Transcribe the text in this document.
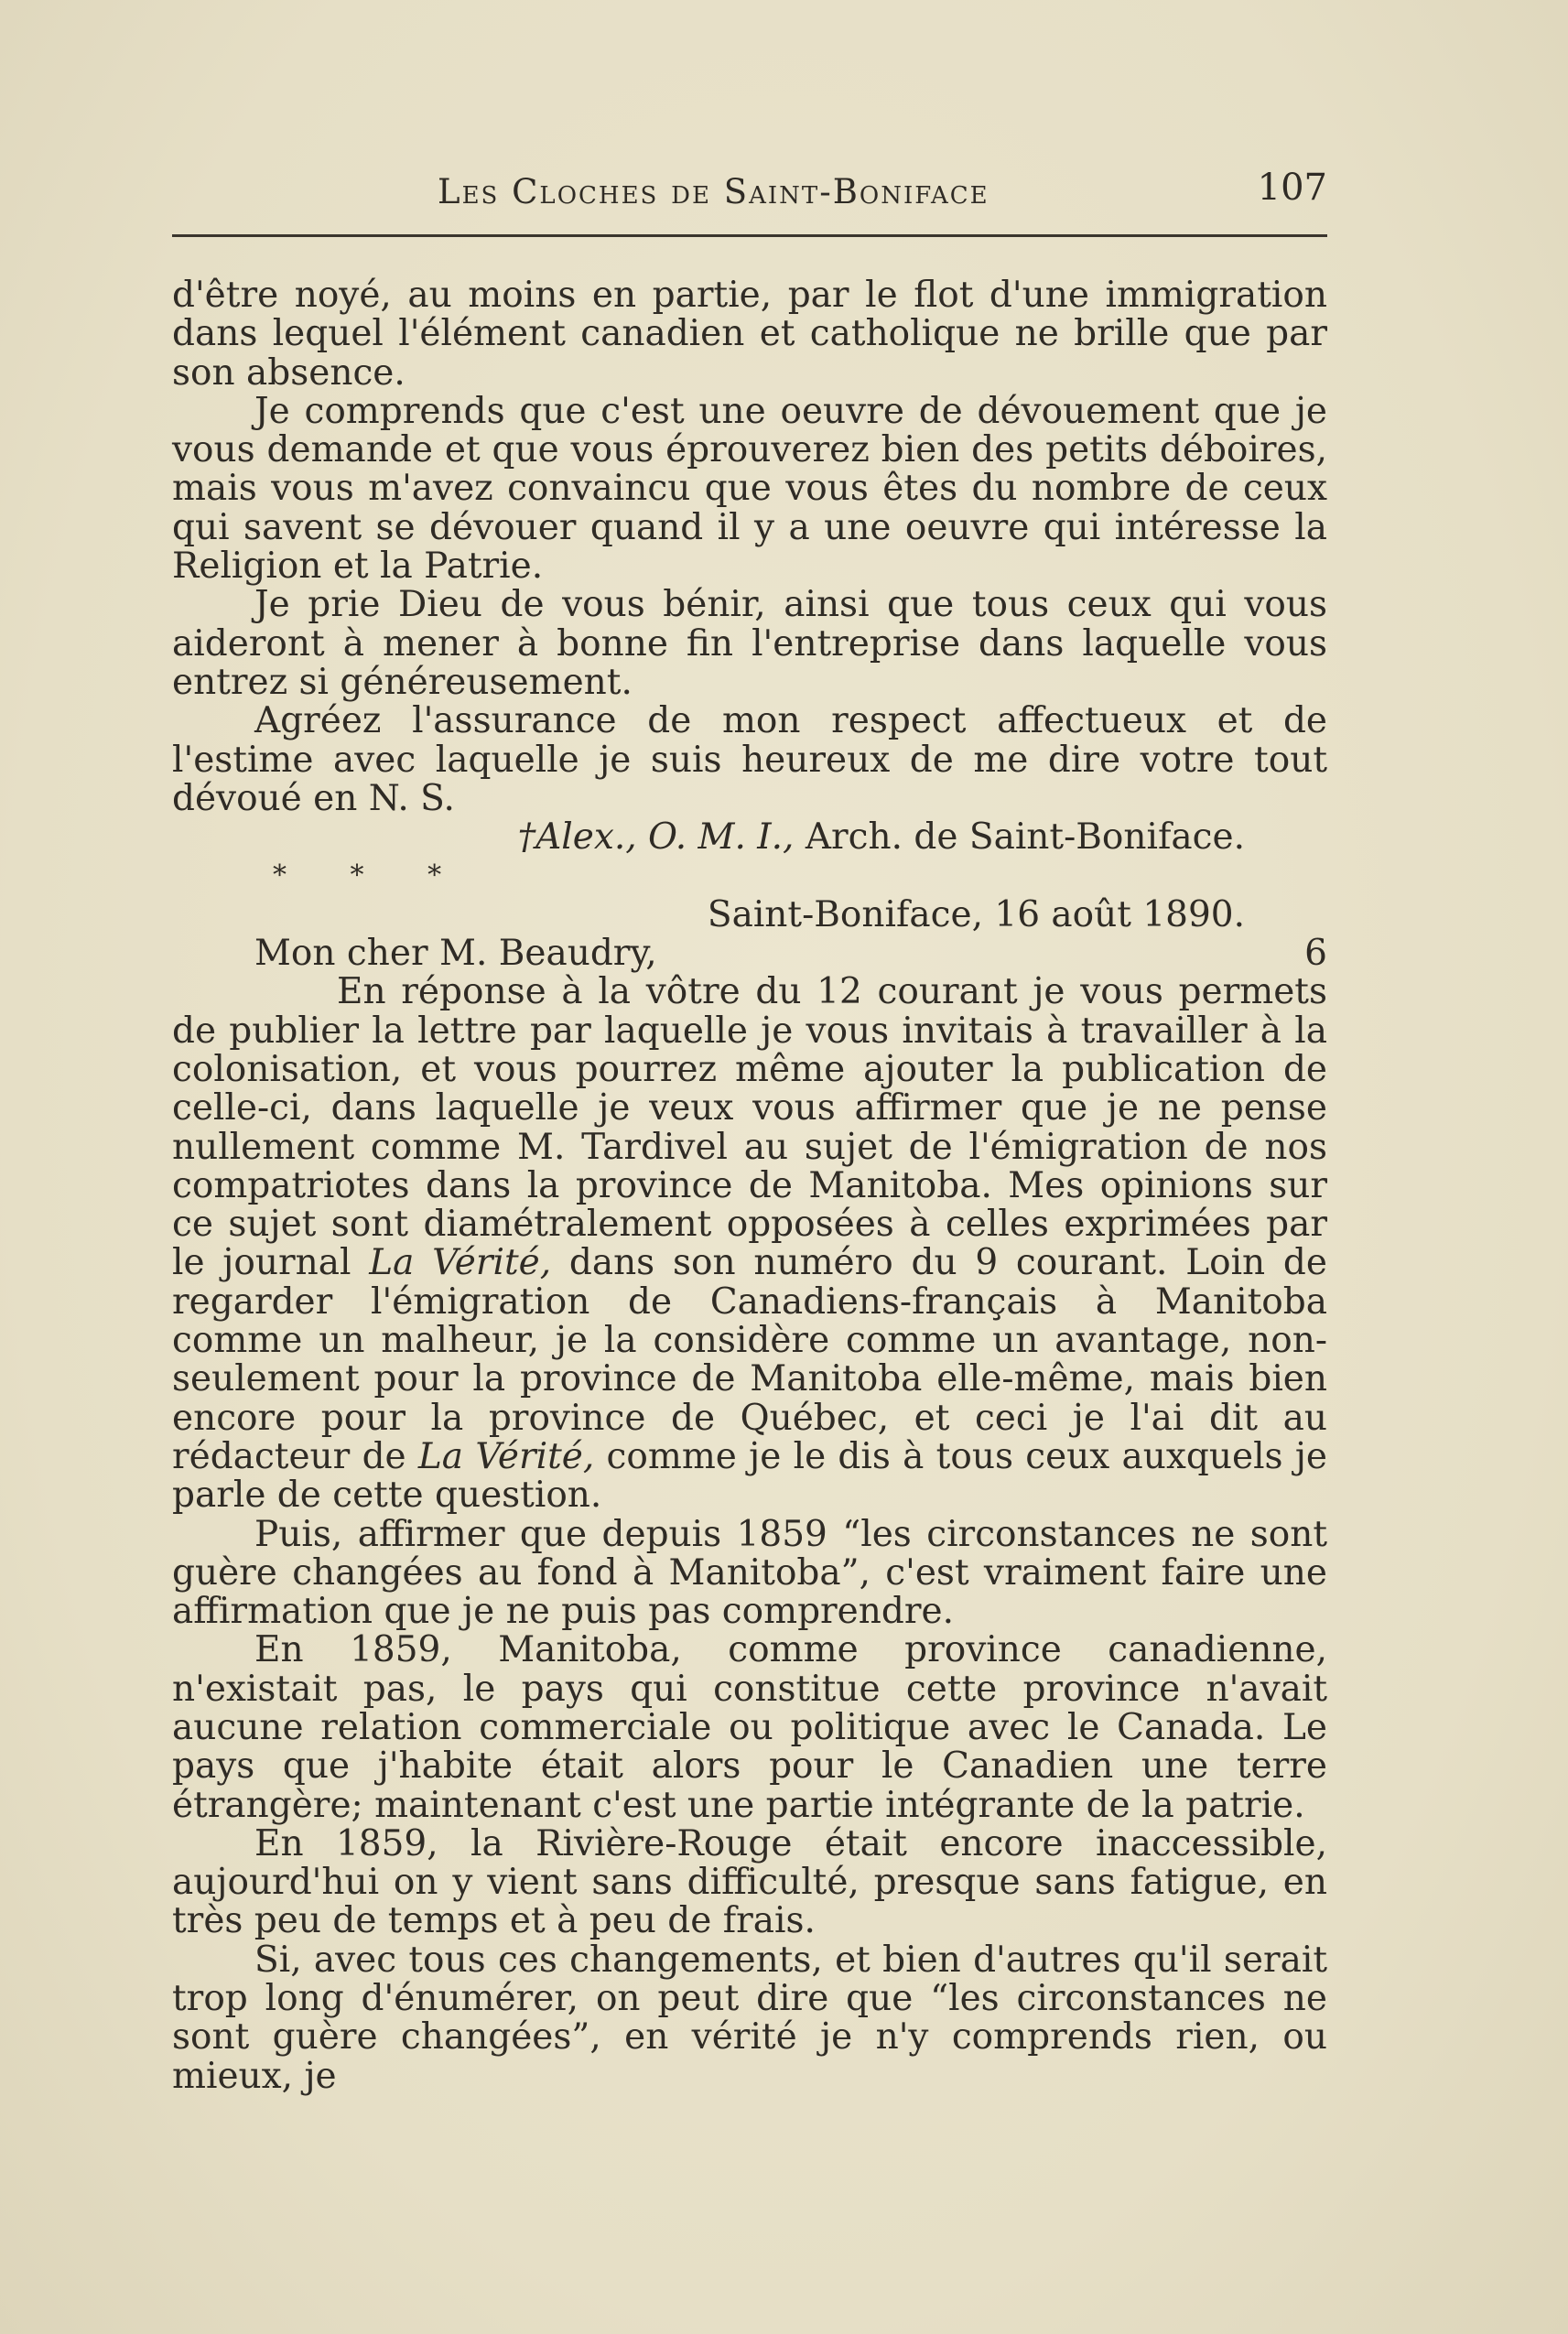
Les Cloches de Saint-Boniface	107

d'être noyé, au moins en partie, par le flot d'une immigration dans lequel l'élément canadien et catholique ne brille que par son absence.

Je comprends que c'est une oeuvre de dévouement que je vous demande et que vous éprouverez bien des petits déboires, mais vous m'avez convaincu que vous êtes du nombre de ceux qui savent se dévouer quand il y a une oeuvre qui intéresse la Religion et la Patrie.

Je prie Dieu de vous bénir, ainsi que tous ceux qui vous aideront à mener à bonne fin l'entreprise dans laquelle vous entrez si généreusement.

Agréez l'assurance de mon respect affectueux et de l'estime avec laquelle je suis heureux de me dire votre tout dévoué en N. S.

†Alex., O. M. I., Arch. de Saint-Boniface.

* * *

Saint-Boniface, 16 août 1890.

Mon cher M. Beaudry,	6

En réponse à la vôtre du 12 courant je vous permets de publier la lettre par laquelle je vous invitais à travailler à la colonisation, et vous pourrez même ajouter la publication de celle-ci, dans laquelle je veux vous affirmer que je ne pense nullement comme M. Tardivel au sujet de l'émigration de nos compatriotes dans la province de Manitoba. Mes opinions sur ce sujet sont diamétralement opposées à celles exprimées par le journal La Vérité, dans son numéro du 9 courant. Loin de regarder l'émigration de Canadiens-français à Manitoba comme un malheur, je la considère comme un avantage, non-seulement pour la province de Manitoba elle-même, mais bien encore pour la province de Québec, et ceci je l'ai dit au rédacteur de La Vérité, comme je le dis à tous ceux auxquels je parle de cette question.

Puis, affirmer que depuis 1859 “les circonstances ne sont guère changées au fond à Manitoba”, c'est vraiment faire une affirmation que je ne puis pas comprendre.

En 1859, Manitoba, comme province canadienne, n'existait pas, le pays qui constitue cette province n'avait aucune relation commerciale ou politique avec le Canada. Le pays que j'habite était alors pour le Canadien une terre étrangère; maintenant c'est une partie intégrante de la patrie.

En 1859, la Rivière-Rouge était encore inaccessible, aujourd'hui on y vient sans difficulté, presque sans fatigue, en très peu de temps et à peu de frais.

Si, avec tous ces changements, et bien d'autres qu'il serait trop long d'énumérer, on peut dire que “les circonstances ne sont guère changées”, en vérité je n'y comprends rien, ou mieux, je
